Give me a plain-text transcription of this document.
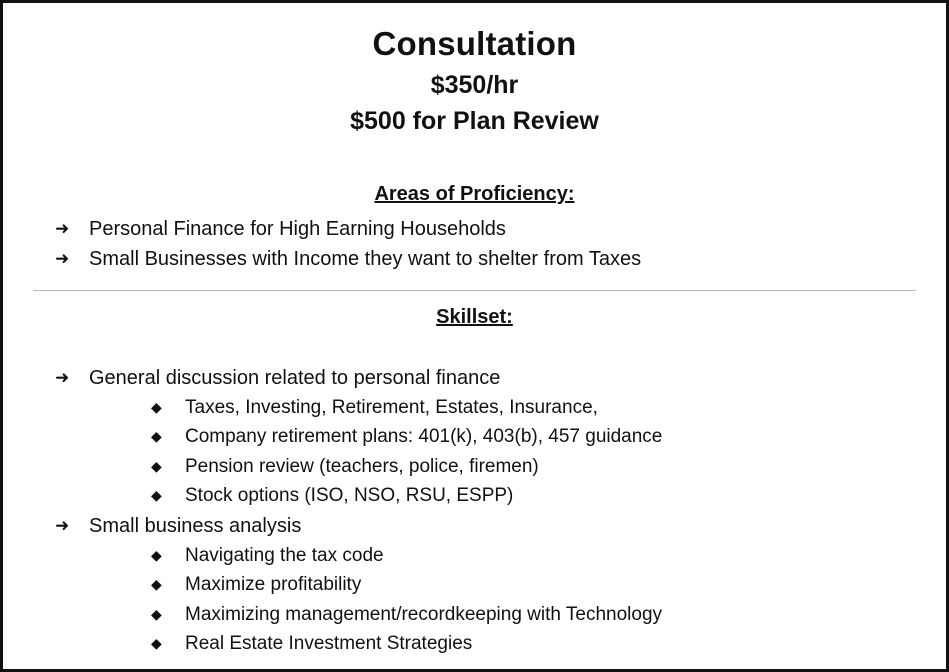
Consultation
$350/hr
$500 for Plan Review
Areas of Proficiency:
➜ Personal Finance for High Earning Households
➜ Small Businesses with Income they want to shelter from Taxes
Skillset:
➜ General discussion related to personal finance
◆ Taxes, Investing, Retirement, Estates, Insurance,
◆ Company retirement plans: 401(k), 403(b), 457 guidance
◆ Pension review (teachers, police, firemen)
◆ Stock options (ISO, NSO, RSU, ESPP)
➜ Small business analysis
◆ Navigating the tax code
◆ Maximize profitability
◆ Maximizing management/recordkeeping with Technology
◆ Real Estate Investment Strategies
